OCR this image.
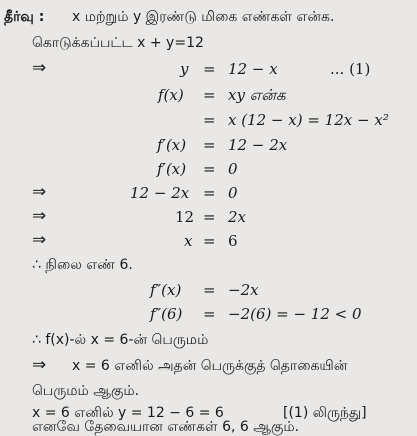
தீர்வு : x மற்றும் y இரண்டு மிகை எண்கள் என்க.
கொடுக்கப்பட்ட x + y=12
⇒	y = 12 − x	... (1)
f(x) = xy என்க
= x (12 − x) = 12x − x²
f′(x) = 12 − 2x
f′(x) = 0
⇒	12 − 2x = 0
⇒	12 = 2x
⇒	x = 6
∴ நிலை எண் 6.
f″(x) = −2x
f″(6) = −2(6) = − 12 < 0
∴ f(x)-ல் x = 6-ன் பெருமம்
⇒ x = 6 எனில் அதன் பெருக்குத் தொகையின்
பெருமம் ஆகும்.
x = 6 எனில் y = 12 − 6 = 6	[(1) லிருந்து]
எனவே தேவையான எண்கள் 6, 6 ஆகும்.
